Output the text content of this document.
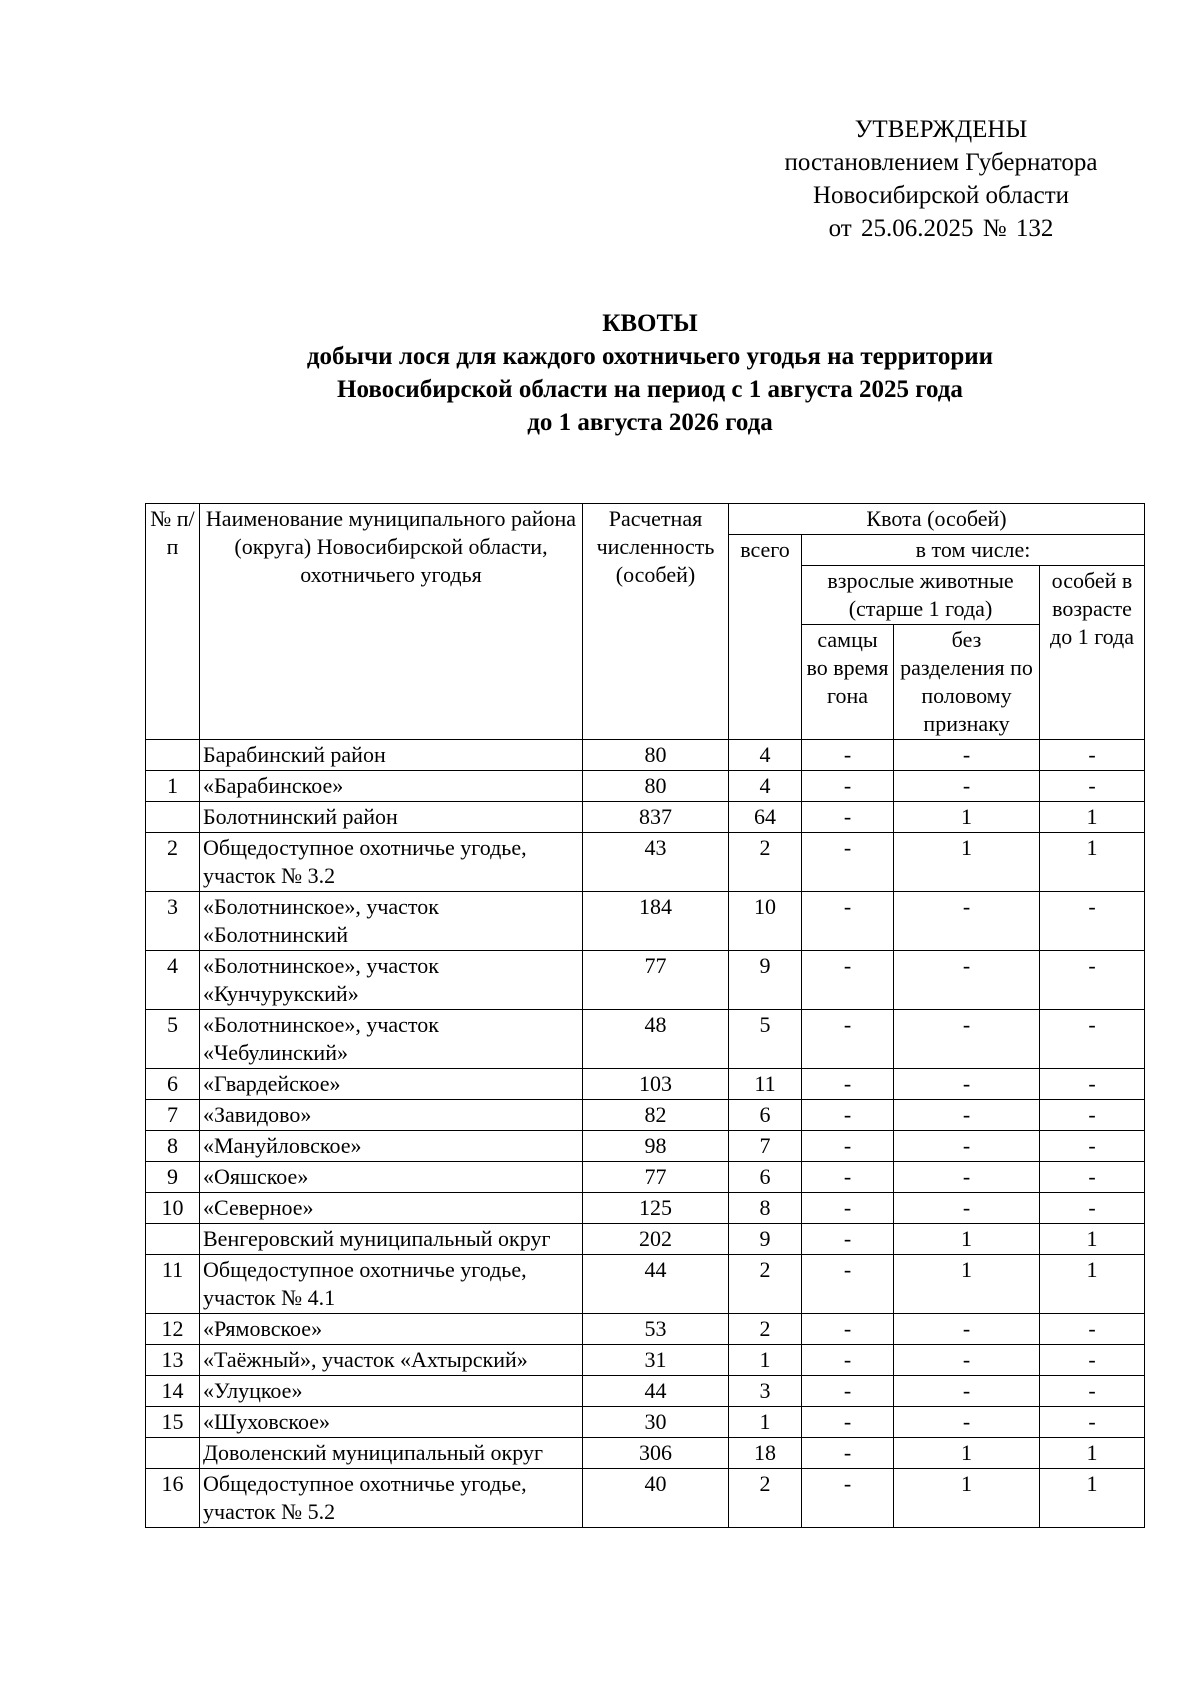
УТВЕРЖДЕНЫ
постановлением Губернатора
Новосибирской области
от 25.06.2025 № 132
КВОТЫ
добычи лося для каждого охотничьего угодья на территории
Новосибирской области на период с 1 августа 2025 года
до 1 августа 2026 года
№ п/п	Наименование муниципального района (округа) Новосибирской области, охотничьего угодья	Расчетная численность (особей)	Квота (особей)			
			всего	в том числе:		
				взрослые животные (старше 1 года)		особей в возрасте до 1 года
				самцы во время гона	без разделения по половому признаку	
	Барабинский район	80	4	-	-	-
1	«Барабинское»	80	4	-	-	-
	Болотнинский район	837	64	-	1	1
2	Общедоступное охотничье угодье, участок № 3.2	43	2	-	1	1
3	«Болотнинское», участок «Болотнинский	184	10	-	-	-
4	«Болотнинское», участок «Кунчурукский»	77	9	-	-	-
5	«Болотнинское», участок «Чебулинский»	48	5	-	-	-
6	«Гвардейское»	103	11	-	-	-
7	«Завидово»	82	6	-	-	-
8	«Мануйловское»	98	7	-	-	-
9	«Ояшское»	77	6	-	-	-
10	«Северное»	125	8	-	-	-
	Венгеровский муниципальный округ	202	9	-	1	1
11	Общедоступное охотничье угодье, участок № 4.1	44	2	-	1	1
12	«Рямовское»	53	2	-	-	-
13	«Таёжный», участок «Ахтырский»	31	1	-	-	-
14	«Улуцкое»	44	3	-	-	-
15	«Шуховское»	30	1	-	-	-
	Доволенский муниципальный округ	306	18	-	1	1
16	Общедоступное охотничье угодье, участок № 5.2	40	2	-	1	1
